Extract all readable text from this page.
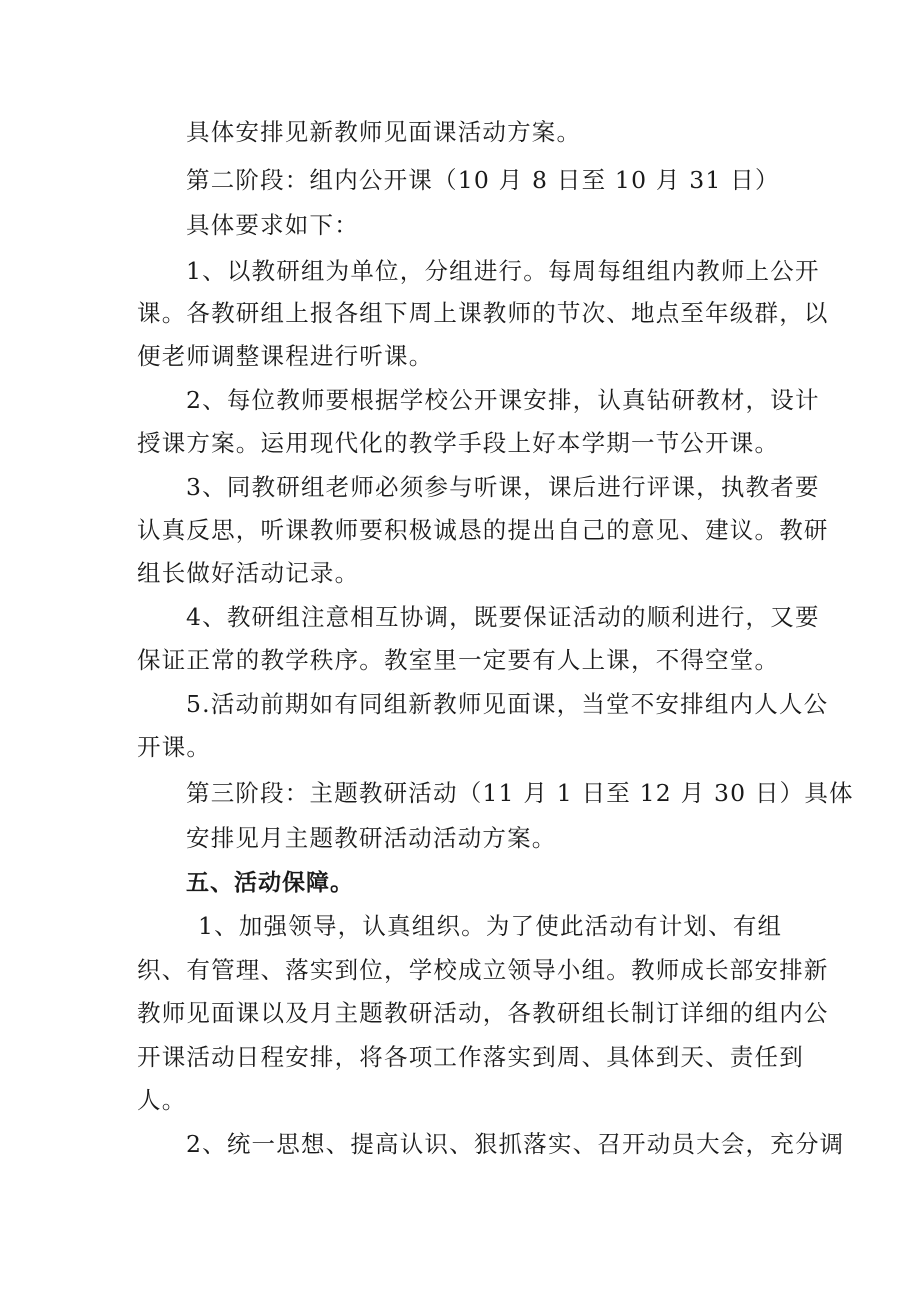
具体安排见新教师见面课活动方案。
第二阶段：组内公开课（10 月 8 日至 10 月 31 日）
具体要求如下：
1、以教研组为单位，分组进行。每周每组组内教师上公开
课。各教研组上报各组下周上课教师的节次、地点至年级群，以
便老师调整课程进行听课。
2、每位教师要根据学校公开课安排，认真钻研教材，设计
授课方案。运用现代化的教学手段上好本学期一节公开课。
3、同教研组老师必须参与听课，课后进行评课，执教者要
认真反思，听课教师要积极诚恳的提出自己的意见、建议。教研
组长做好活动记录。
4、教研组注意相互协调，既要保证活动的顺利进行，又要
保证正常的教学秩序。教室里一定要有人上课，不得空堂。
5.活动前期如有同组新教师见面课，当堂不安排组内人人公
开课。
第三阶段：主题教研活动（11 月 1 日至 12 月 30 日）具体
安排见月主题教研活动活动方案。
五、活动保障。
1、加强领导，认真组织。为了使此活动有计划、有组
织、有管理、落实到位，学校成立领导小组。教师成长部安排新
教师见面课以及月主题教研活动，各教研组长制订详细的组内公
开课活动日程安排，将各项工作落实到周、具体到天、责任到
人。
2、统一思想、提高认识、狠抓落实、召开动员大会，充分调
